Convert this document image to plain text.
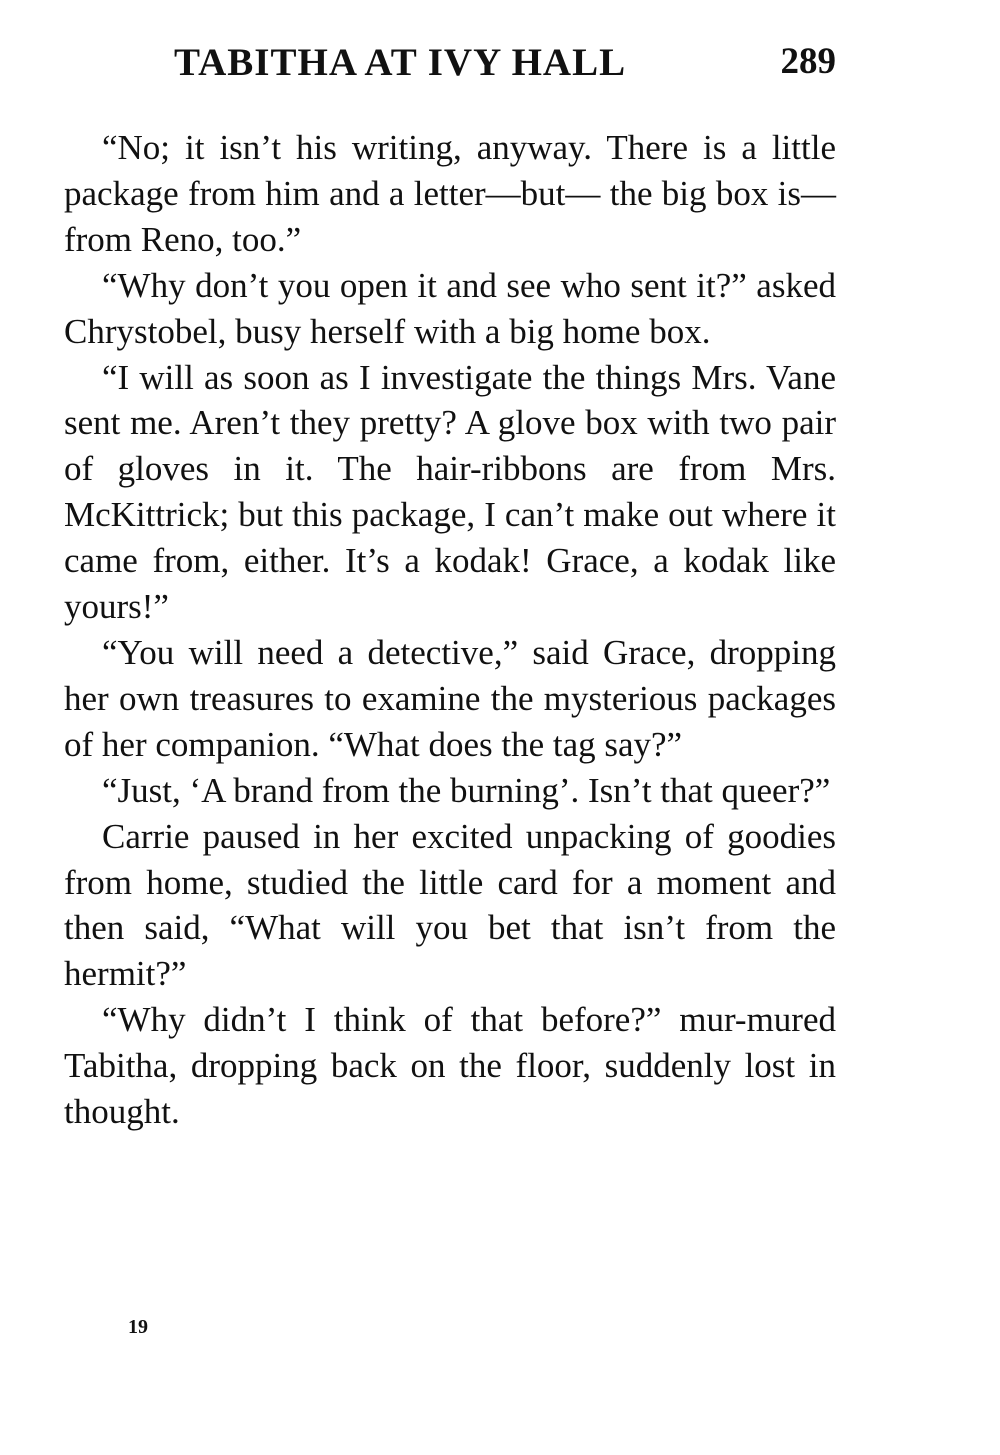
TABITHA AT IVY HALL	289

“No; it isn’t his writing, anyway. There is a little package from him and a letter—but— the big box is—from Reno, too.”

“Why don’t you open it and see who sent it?” asked Chrystobel, busy herself with a big home box.

“I will as soon as I investigate the things Mrs. Vane sent me. Aren’t they pretty? A glove box with two pair of gloves in it. The hair-ribbons are from Mrs. McKittrick; but this package, I can’t make out where it came from, either. It’s a kodak! Grace, a kodak like yours!”

“You will need a detective,” said Grace, dropping her own treasures to examine the mysterious packages of her companion. “What does the tag say?”

“Just, ‘A brand from the burning’. Isn’t that queer?”

Carrie paused in her excited unpacking of goodies from home, studied the little card for a moment and then said, “What will you bet that isn’t from the hermit?”

“Why didn’t I think of that before?” mur-mured Tabitha, dropping back on the floor, suddenly lost in thought.

19
